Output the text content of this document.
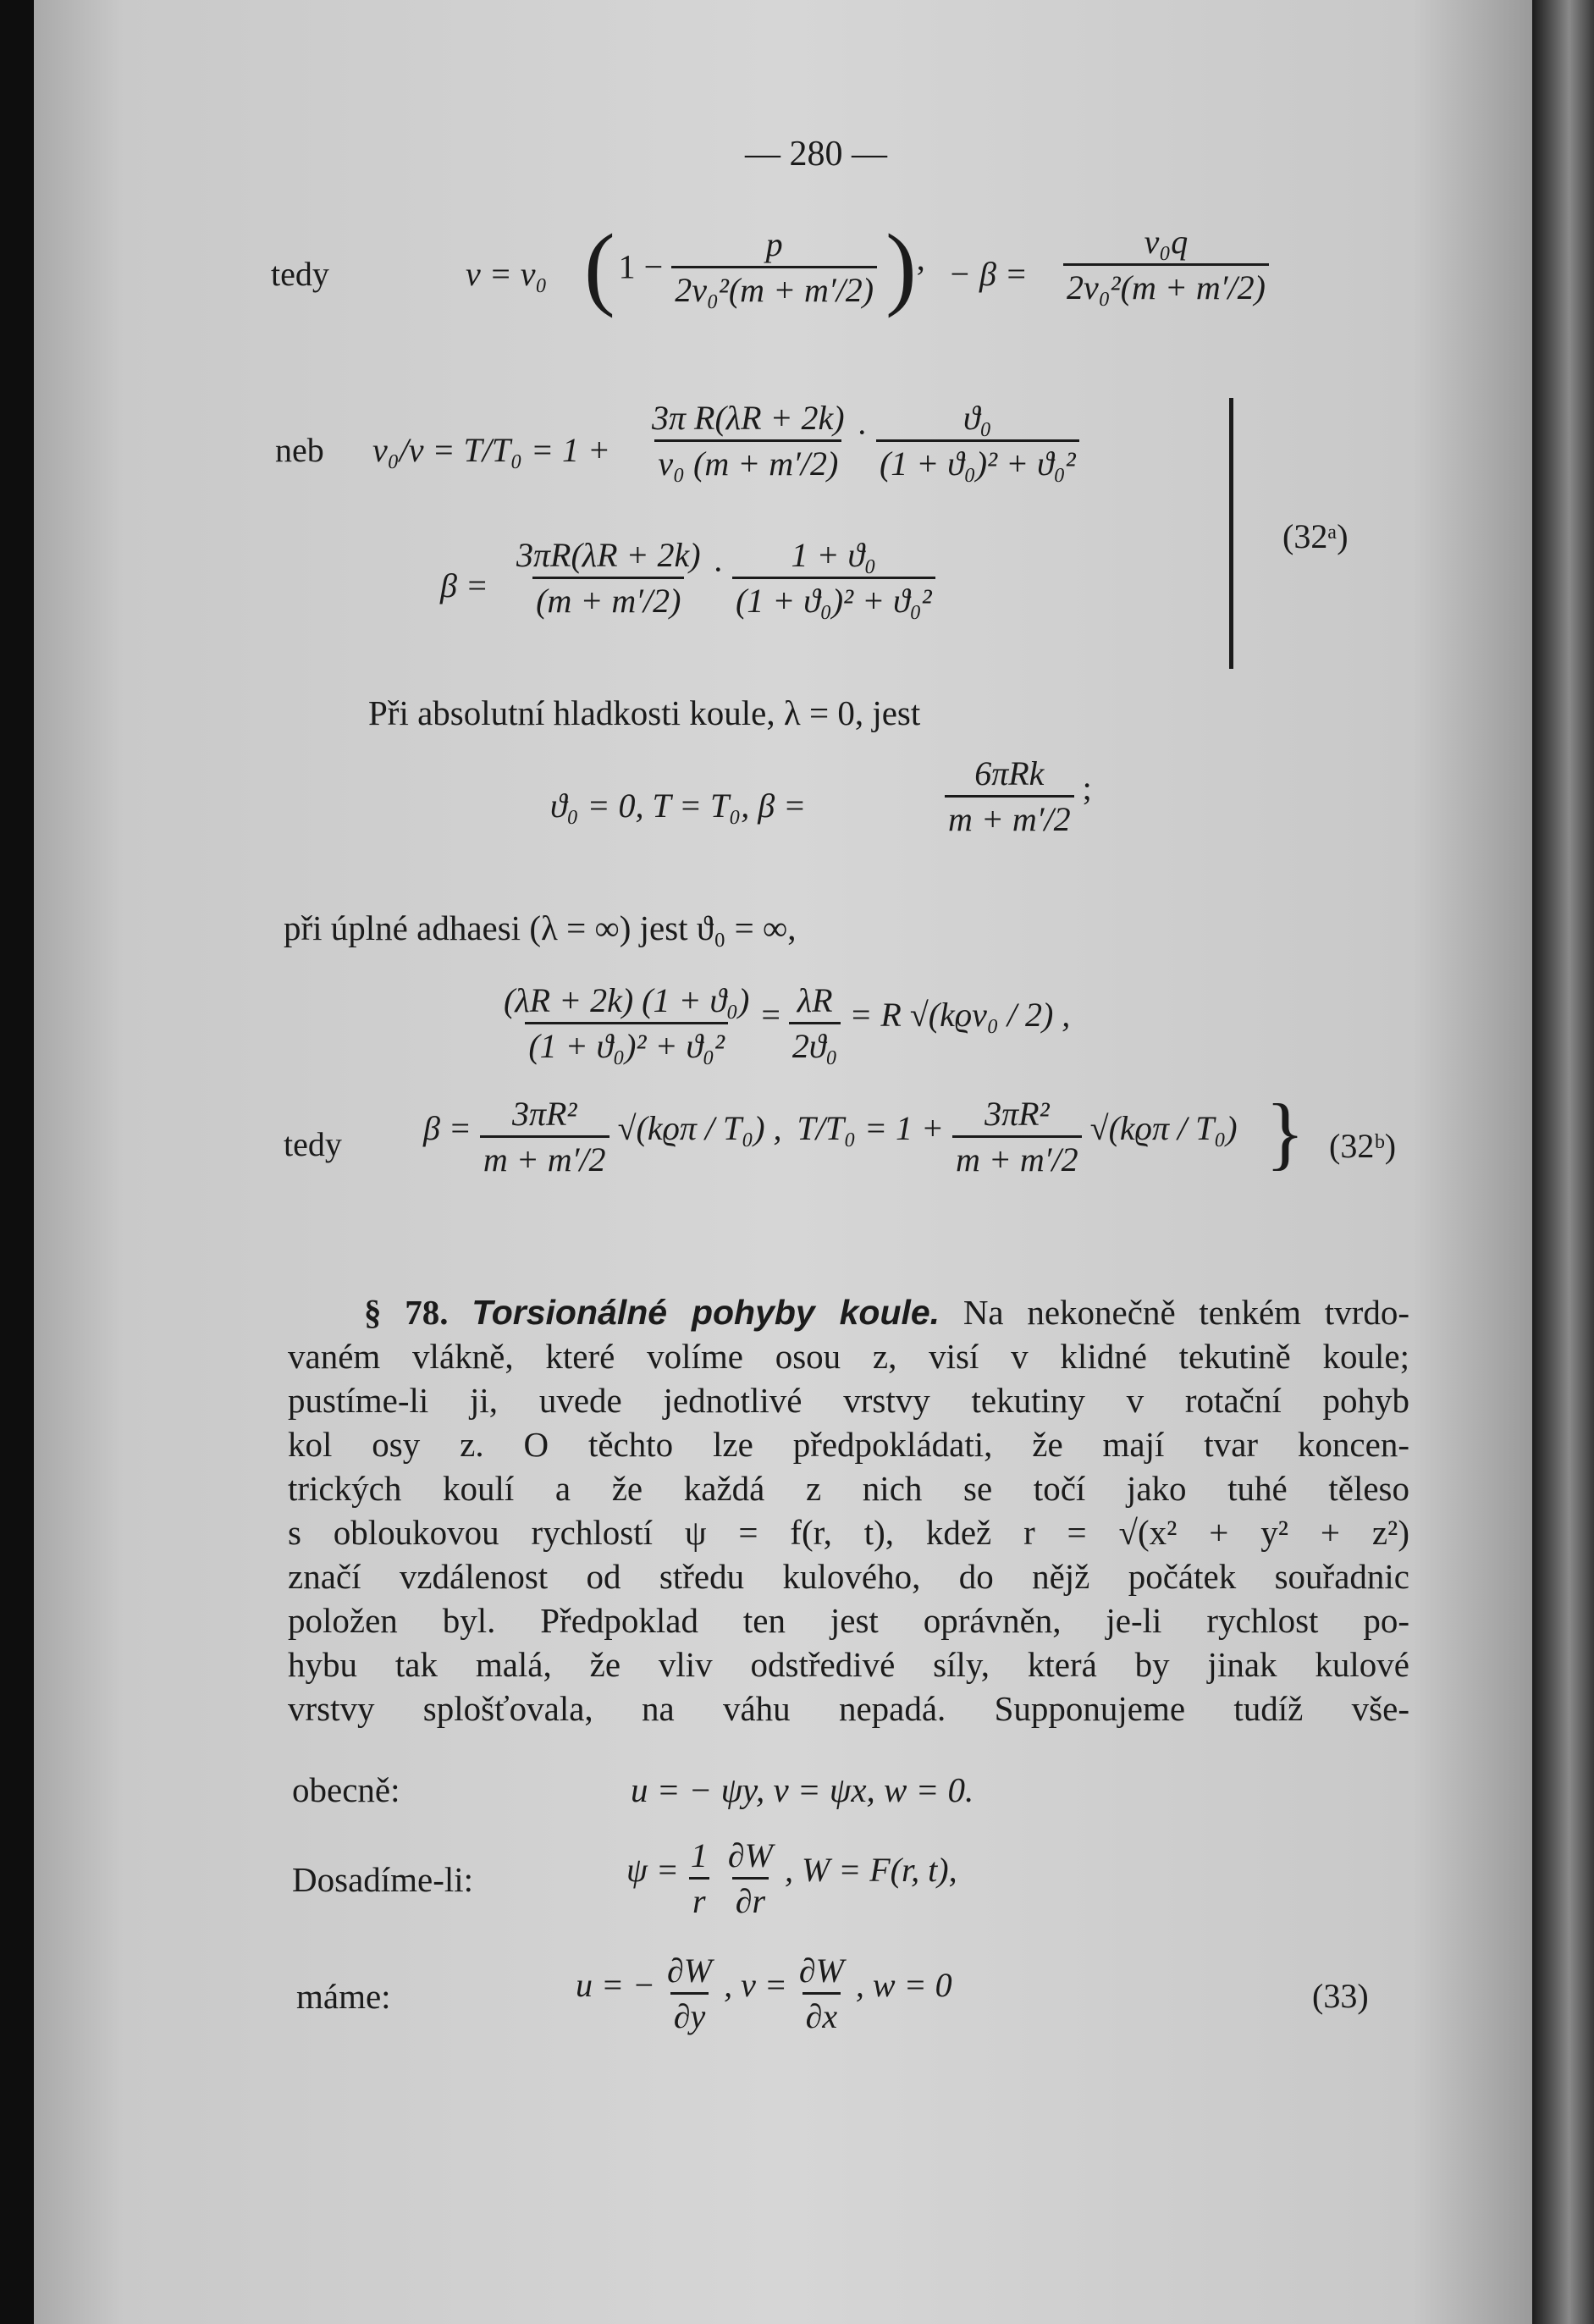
— 280 —
tedy	v = v₀ ( $1 - \frac{p}{\text{2v₀²(m + m′/2)}}$ ), − $\beta = \frac{\text{v₀q}}{\text{2v₀²(m + m′/2)}}$
neb $v_0/v = T/T_0 = 1 + \frac{\text{3π R(λR + 2k)}}{\text{v₀ (m + m′/2)}} \cdot \frac{\text{ϑ₀}}{\text{(1 + ϑ₀)² + ϑ₀²}}$
$\beta = \frac{3\pi R(\lambda R + 2k)}{(m + m'/2)} \cdot \frac{\text{1 + ϑ₀}}{\text{(1 + ϑ₀)² + ϑ₀²}}$	(32ᵃ)
Při absolutní hladkosti koule, λ = 0, jest
ϑ₀ = 0, T = T₀, β =	$\frac{\text{6πRk}}{m + m'/2}$ ;
při úplné adhaesi (λ = ∞) jest ϑ₀ = ∞,
$\frac{\text{(λR + 2k) (1 + ϑ₀)}}{\text{(1 + ϑ₀)² + ϑ₀²}} = \frac{\lambda R}{\text{2ϑ₀}} = R$ √(kϱv₀ / 2) ,
tedy $\beta = \frac{\text{3πR²}}{m + m'/2} √(kϱ\pi / T_0)$ , $T/T_0 = 1 + \frac{\text{3πR²}}{m + m'/2} √(kϱ\pi / T_0)$ } (32ᵇ)
§ 78. Torsionálné pohyby koule. Na nekonečně tenkém tvrdo-
vaném vlákně, které volíme osou z, visí v klidné tekutině koule;
pustíme-li ji, uvede jednotlivé vrstvy tekutiny v rotační pohyb
kol osy z. O těchto lze předpokládati, že mají tvar koncen-
trických koulí a že každá z nich se točí jako tuhé těleso
s obloukovou rychlostí ψ = f(r, t), kdež r = √(x² + y² + z²)
značí vzdálenost od středu kulového, do nějž počátek souřadnic
položen byl. Předpoklad ten jest oprávněn, je-li rychlost po-
hybu tak malá, že vliv odstředivé síly, která by jinak kulové
vrstvy splošťovala, na váhu nepadá. Supponujeme tudíž vše-
obecně:	u = − ψy, v = ψx, w = 0.
Dosadíme-li:	$\psi = \frac{1}{r}$
$\frac{\partial W}{\partial r}$ , W = F(r, t),
máme:	u = − $\frac{\partial W}{\partial y}$ , $v = \frac{\partial W}{\partial x}$ , w = 0	(33)
